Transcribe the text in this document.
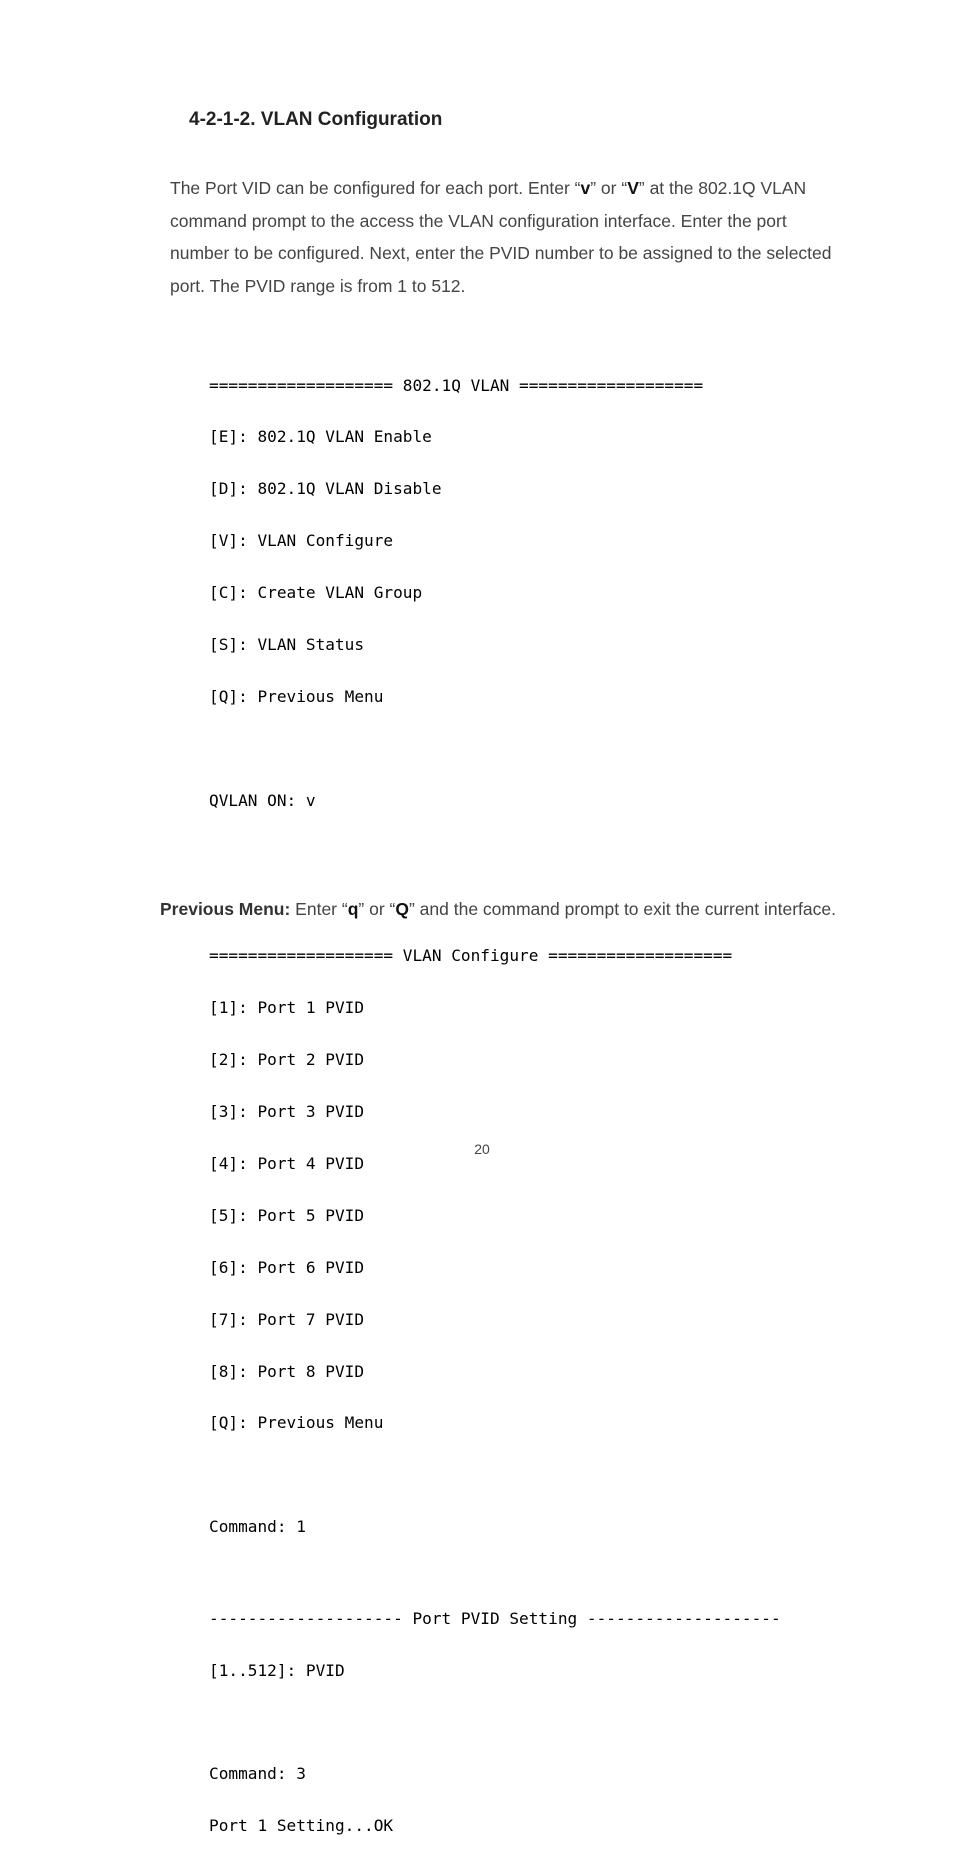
4-2-1-2. VLAN Configuration

The Port VID can be configured for each port. Enter “v” or “V” at the 802.1Q VLAN command prompt to the access the VLAN configuration interface. Enter the port number to be configured. Next, enter the PVID number to be assigned to the selected port. The PVID range is from 1 to 512.

=================== 802.1Q VLAN ===================

[E]: 802.1Q VLAN Enable

[D]: 802.1Q VLAN Disable

[V]: VLAN Configure

[C]: Create VLAN Group

[S]: VLAN Status

[Q]: Previous Menu

QVLAN ON: v

=================== VLAN Configure ===================

[1]: Port 1 PVID

[2]: Port 2 PVID

[3]: Port 3 PVID

[4]: Port 4 PVID

[5]: Port 5 PVID

[6]: Port 6 PVID

[7]: Port 7 PVID

[8]: Port 8 PVID

[Q]: Previous Menu

Command: 1

-------------------- Port PVID Setting --------------------

[1..512]: PVID

Command: 3

Port 1 Setting...OK

Previous Menu: Enter “q” or “Q” and the command prompt to exit the current interface.

20
